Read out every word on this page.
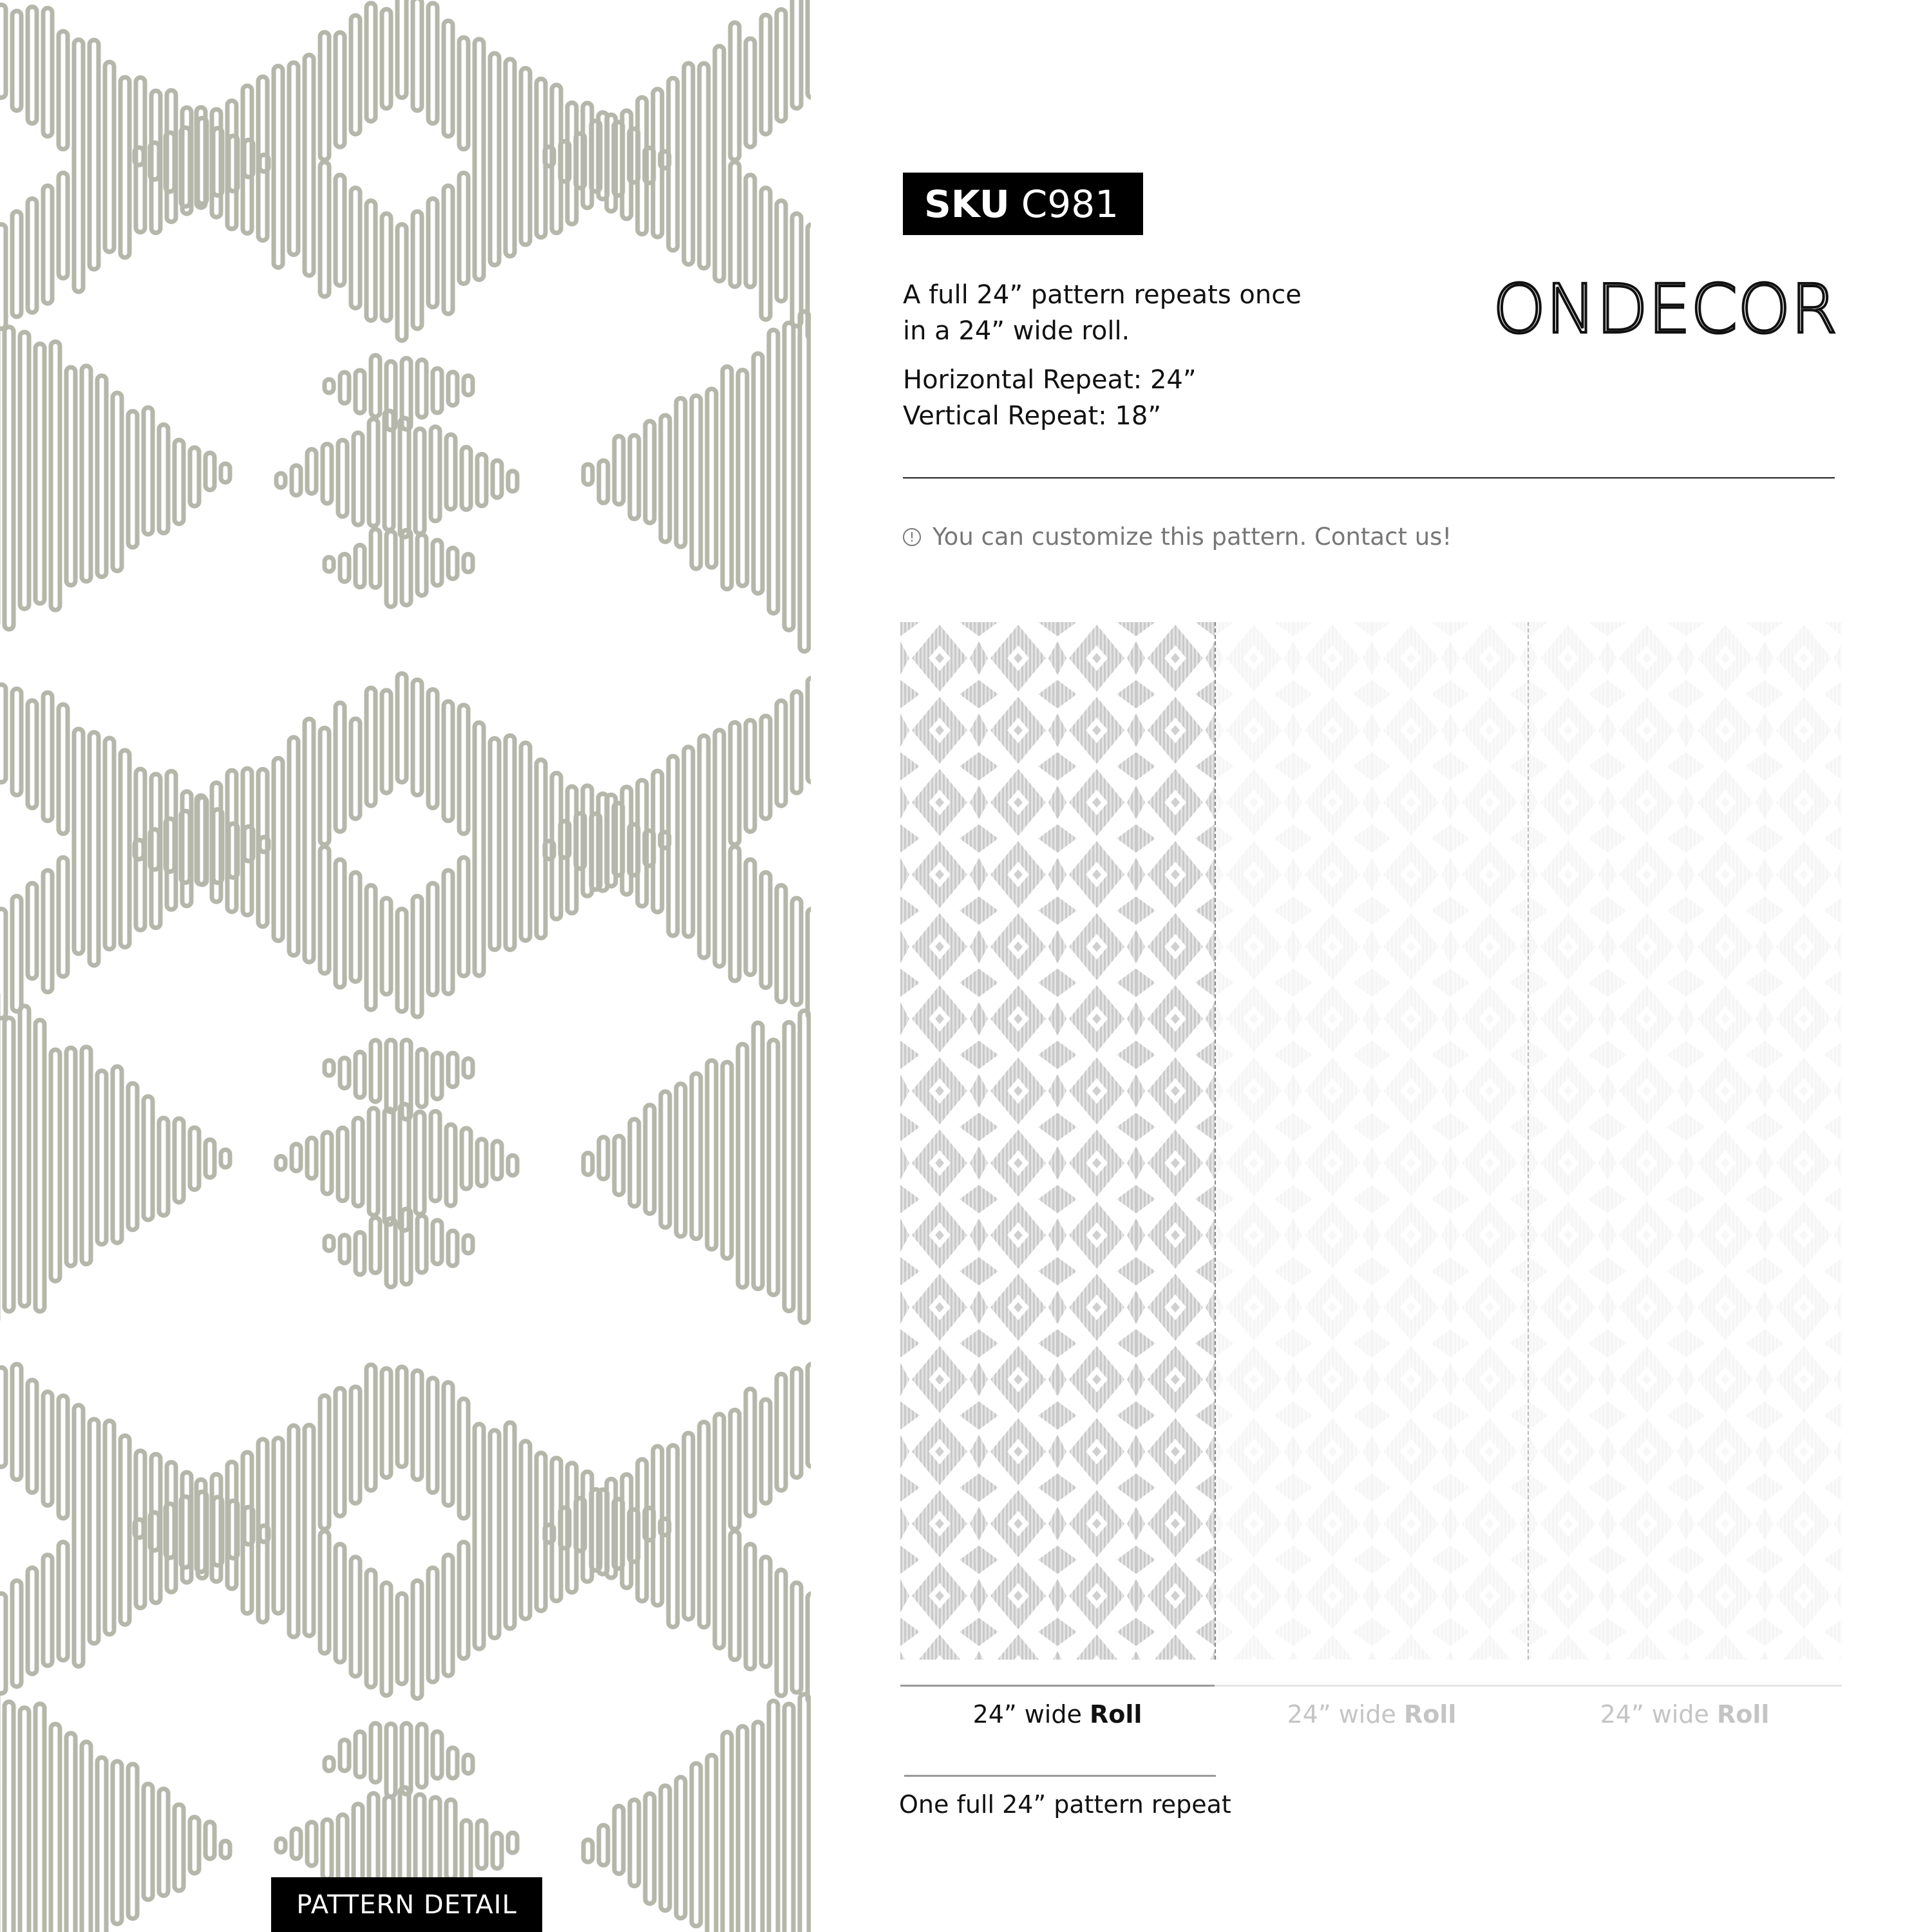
PATTERN DETAIL
SKU C981
A full 24” pattern repeats once
in a 24” wide roll.
Horizontal Repeat: 24”
Vertical Repeat: 18”
ONDECOR
! You can customize this pattern. Contact us!
24” wide Roll	24” wide Roll	24” wide Roll
One full 24” pattern repeat
